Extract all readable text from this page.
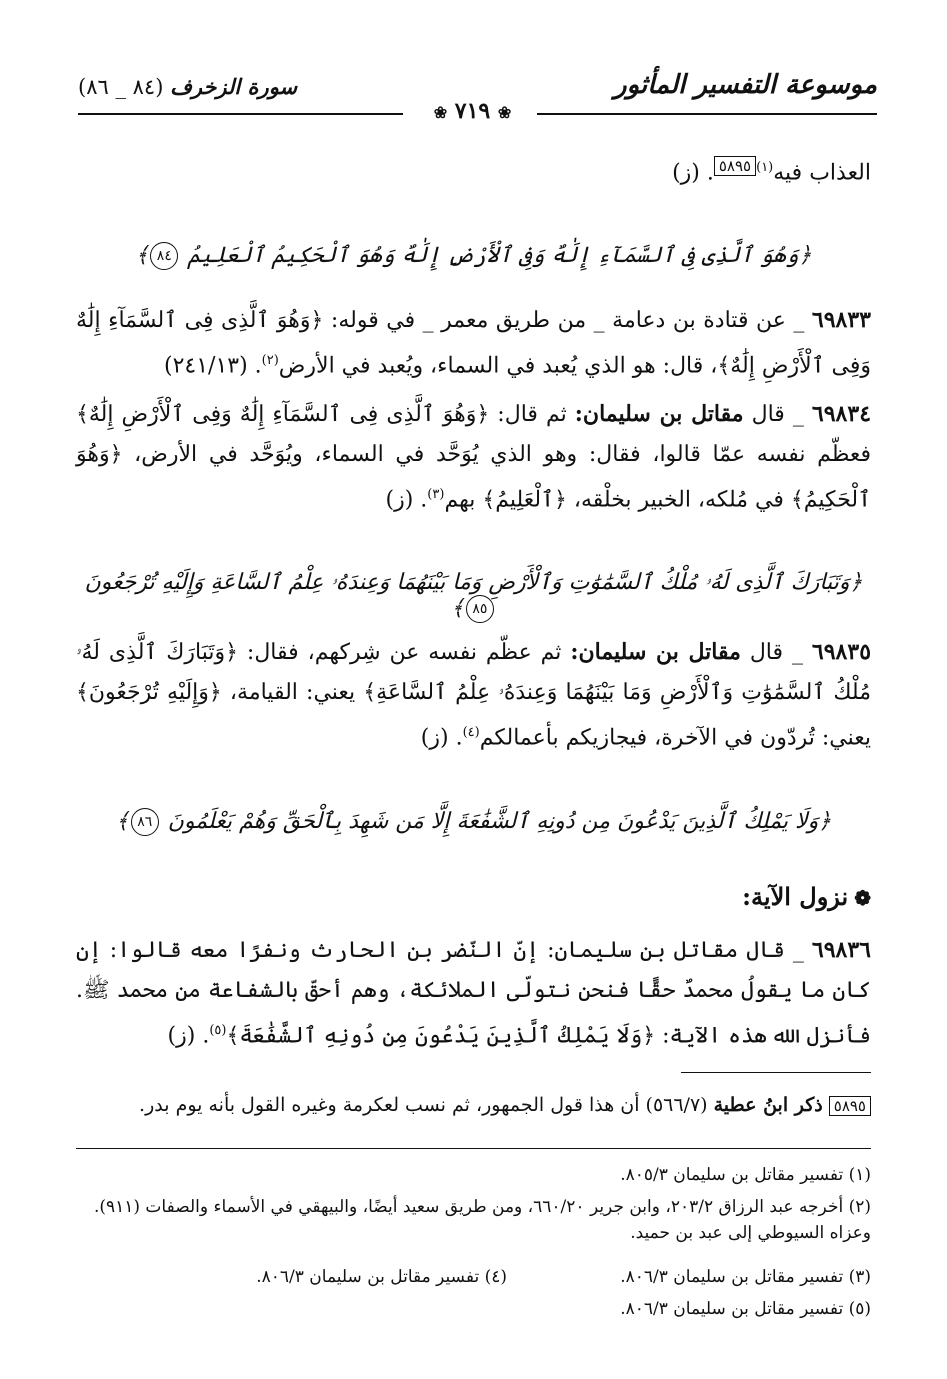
موسوعة التفسير المأثور
سورة الزخرف (٨٤ _ ٨٦)
❀ ٧١٩ ❀
العذاب فيه$^{(١)}$٥٨٩٥. (ز)
﴿وَهُوَ ٱلَّذِى فِى ٱلسَّمَآءِ إِلَٰهٌ وَفِى ٱلْأَرْضِ إِلَٰهٌ وَهُوَ ٱلْحَكِيمُ ٱلْعَلِيمُ ٨٤﴾
٦٩٨٣٣ _ عن قتادة بن دعامة _ من طريق معمر _ في قوله: ﴿وَهُوَ ٱلَّذِى فِى ٱلسَّمَآءِ إِلَٰهٌ وَفِى ٱلْأَرْضِ إِلَٰهٌ﴾، قال: هو الذي يُعبد في السماء، ويُعبد في الأرض$^{(٢)}$. (٢٤١/١٣)
٦٩٨٣٤ _ قال مقاتل بن سليمان: ثم قال: ﴿وَهُوَ ٱلَّذِى فِى ٱلسَّمَآءِ إِلَٰهٌ وَفِى ٱلْأَرْضِ إِلَٰهٌ﴾ فعظّم نفسه عمّا قالوا، فقال: وهو الذي يُوَحَّد في السماء، ويُوَحَّد في الأرض، ﴿وَهُوَ ٱلْحَكِيمُ﴾ في مُلكه، الخبير بخلْقه، ﴿ٱلْعَلِيمُ﴾ بهم$^{(٣)}$. (ز)
﴿وَتَبَارَكَ ٱلَّذِى لَهُۥ مُلْكُ ٱلسَّمَٰوَٰتِ وَٱلْأَرْضِ وَمَا بَيْنَهُمَا وَعِندَهُۥ عِلْمُ ٱلسَّاعَةِ وَإِلَيْهِ تُرْجَعُونَ ٨٥﴾
٦٩٨٣٥ _ قال مقاتل بن سليمان: ثم عظّم نفسه عن شِركهم، فقال: ﴿وَتَبَارَكَ ٱلَّذِى لَهُۥ مُلْكُ ٱلسَّمَٰوَٰتِ وَٱلْأَرْضِ وَمَا بَيْنَهُمَا وَعِندَهُۥ عِلْمُ ٱلسَّاعَةِ﴾ يعني: القيامة، ﴿وَإِلَيْهِ تُرْجَعُونَ﴾ يعني: تُردّون في الآخرة، فيجازيكم بأعمالكم$^{(٤)}$. (ز)
﴿وَلَا يَمْلِكُ ٱلَّذِينَ يَدْعُونَ مِن دُونِهِ ٱلشَّفَٰعَةَ إِلَّا مَن شَهِدَ بِٱلْحَقِّ وَهُمْ يَعْلَمُونَ ٨٦﴾
❁نزول الآية:
٦٩٨٣٦ _ قال مقاتل بن سليمان: إنّ النّضر بن الحارث ونفرًا معه قالوا: إن كان ما يقولُ محمدٌ حقًّا فنحن نتولّى الملائكة، وهم أحقّ بالشفاعة من محمد ﷺ. فأنزل الله هذه الآية: ﴿وَلَا يَمْلِكُ ٱلَّذِينَ يَدْعُونَ مِن دُونِهِ ٱلشَّفَٰعَةَ﴾$^{(٥)}$. (ز)
٥٨٩٥ ذكر ابنُ عطية (٥٦٦/٧) أن هذا قول الجمهور، ثم نسب لعكرمة وغيره القول بأنه يوم بدر.
(١) تفسير مقاتل بن سليمان ٨٠٥/٣.
(٢) أخرجه عبد الرزاق ٢٠٣/٢، وابن جرير ٦٦٠/٢٠، ومن طريق سعيد أيضًا، والبيهقي في الأسماء والصفات (٩١١). وعزاه السيوطي إلى عبد بن حميد.
(٣) تفسير مقاتل بن سليمان ٨٠٦/٣.
(٤) تفسير مقاتل بن سليمان ٨٠٦/٣.
(٥) تفسير مقاتل بن سليمان ٨٠٦/٣.
